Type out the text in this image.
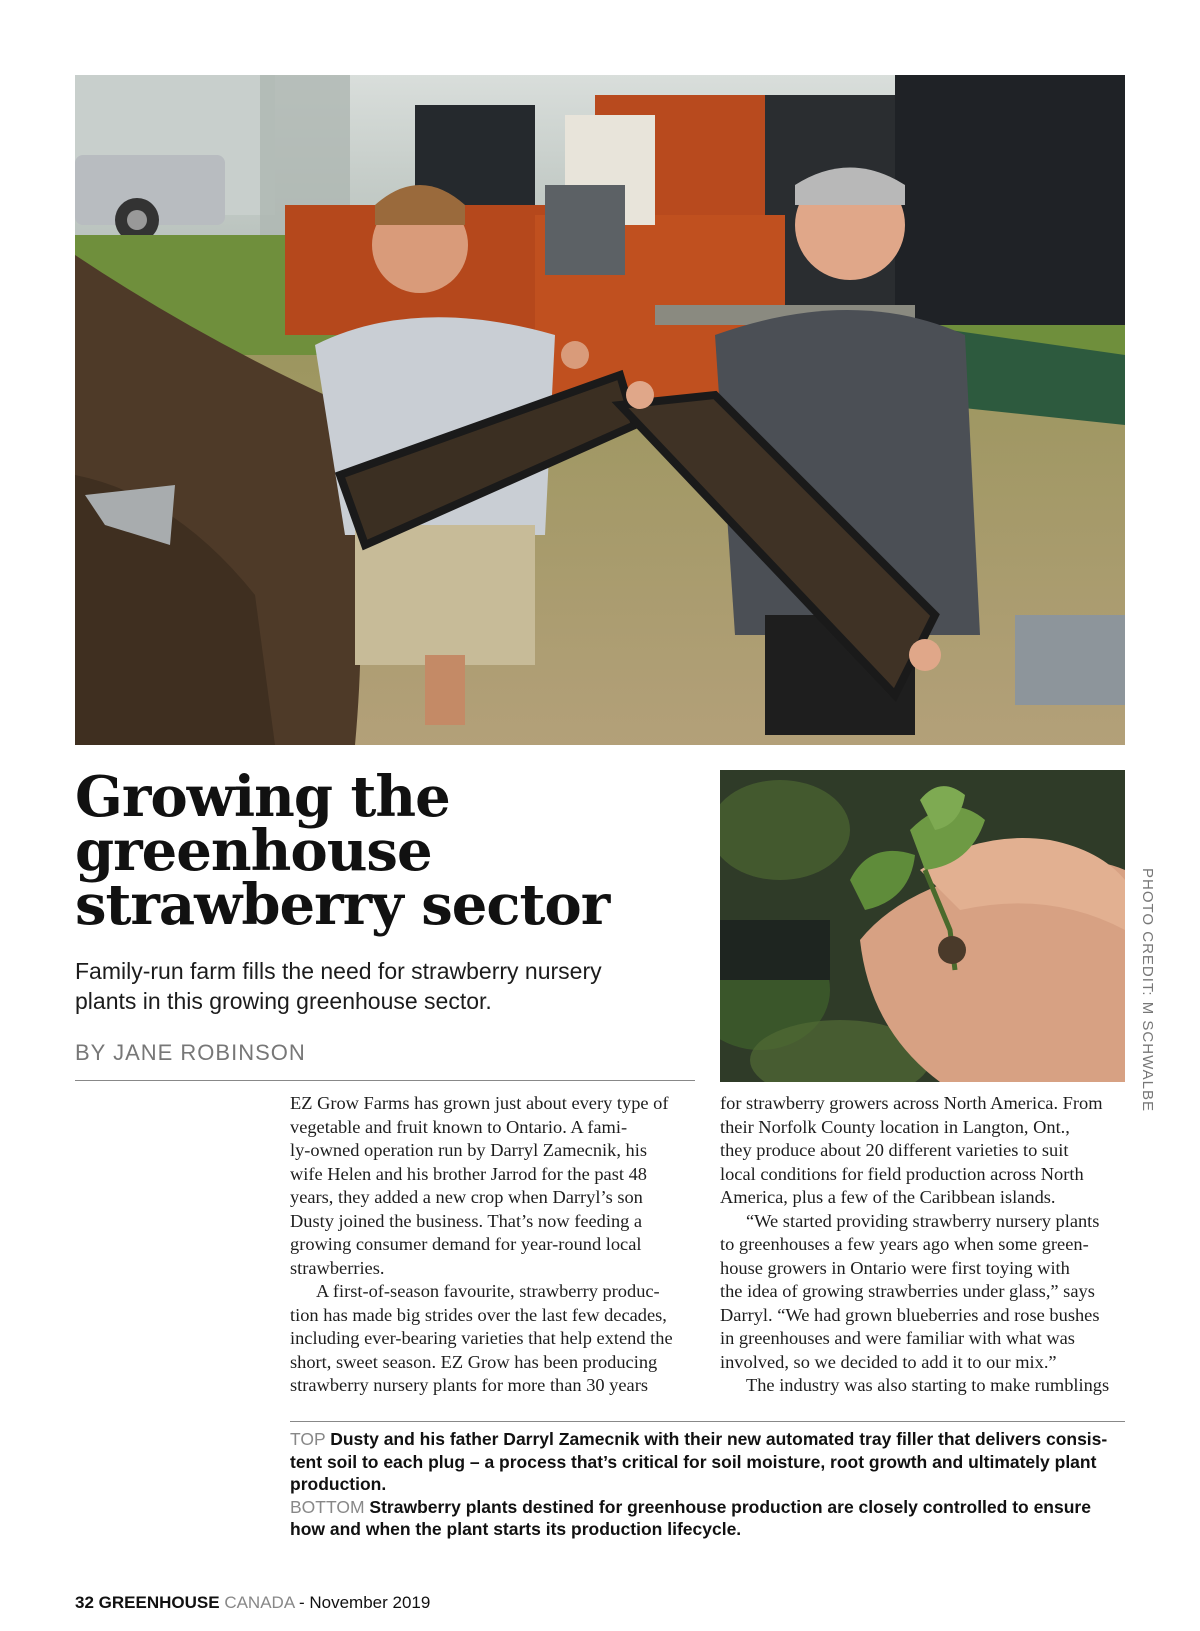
Growing the
greenhouse
strawberry sector
Family-run farm fills the need for strawberry nursery
plants in this growing greenhouse sector.
BY JANE ROBINSON	PHOTO CREDIT: M SCHWALBE

EZ Grow Farms has grown just about every type of
vegetable and fruit known to Ontario. A fami-
ly-owned operation run by Darryl Zamecnik, his
wife Helen and his brother Jarrod for the past 48
years, they added a new crop when Darryl’s son
Dusty joined the business. That’s now feeding a
growing consumer demand for year-round local
strawberries.

A first-of-season favourite, strawberry produc-
tion has made big strides over the last few decades,
including ever-bearing varieties that help extend the
short, sweet season. EZ Grow has been producing
strawberry nursery plants for more than 30 years

for strawberry growers across North America. From
their Norfolk County location in Langton, Ont.,
they produce about 20 different varieties to suit
local conditions for field production across North
America, plus a few of the Caribbean islands.

“We started providing strawberry nursery plants
to greenhouses a few years ago when some green-
house growers in Ontario were first toying with
the idea of growing strawberries under glass,” says
Darryl. “We had grown blueberries and rose bushes
in greenhouses and were familiar with what was
involved, so we decided to add it to our mix.”

The industry was also starting to make rumblings

TOP Dusty and his father Darryl Zamecnik with their new automated tray filler that delivers consis-
tent soil to each plug – a process that’s critical for soil moisture, root growth and ultimately plant
production.
BOTTOM Strawberry plants destined for greenhouse production are closely controlled to ensure
how and when the plant starts its production lifecycle.
32 GREENHOUSE CANADA - November 2019
